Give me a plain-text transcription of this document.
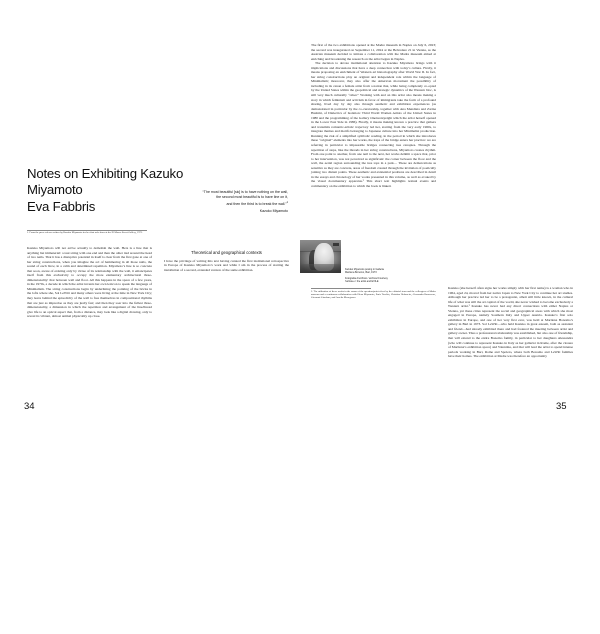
Notes on Exhibiting Kazuko Miyamoto
Eva Fabbris
“The most beautiful [sic] is to have nothing on the wall,
the second most beautiful is to have line on it,
and then the third is to break the wall.”$^1$
Kazuko Miyamoto
1. From the press release written by Kazuko Miyamoto for her first solo show at the El Museo Street Gallery, 1973.

Kazuko Miyamoto will not arrive actually to demolish the wall. Hers is a line that is anything but immaterial: a taut string with one end and then the other tied around the head of two nails. That it has a disruptive potential in itself is clear from the first gaze at one of her string constructions, when you imagine the act of hammering in all those nails, the sound of each blow, in a calm and determined repetition. Miyamoto’s line is so concrete that soon, aware of existing only by virtue of its relationship with the wall, it emancipates itself from this exclusivity to occupy the more elementary architectural three-dimensionality: that between wall and floor. All this happens in the space of a few years, in the 1970s, a decade in which the artist invents her own lexicon to speak the language of Minimalism. The string constructions begin by underlining the pointing of the bricks in the lofts where she, Sol LeWitt and many others were living at the time in New York City; they leave behind the episodicity of the wall to free themselves in compositional rhythms that are just as imprecise as they are justly fast; and then they soar into the fullest three-dimensionality, a dimension in which the repetition and arrangement of the line/thread give life to an optical aspect that, from a distance, may look like a digital drawing, only to reveal its vibrant, almost animal physicality up close.

Theoretical and geographical contexts

I have the privilege of writing this text having curated the first institutional retrospective in Europe of Kazuko Miyamoto’s work and while I am in the process of starting the installation of a second, extended version of the same exhibition.

34

The first of the two exhibitions opened at the Madre museum in Naples on July 6, 2023; the second was inaugurated on September 11, 2024 at the Belvedere 21 in Vienna, as the Austrian museum decided to initiate a collaboration with the Madre museum aimed at enriching and broadening the research on the artist begun in Naples.

The decision to devote institutional attention to Kazuko Miyamoto brings with it implications and discussions that have a deep connection with today’s culture. Firstly, it means proposing an enrichment of Western art historiography after World War II. In fact, her string constructions play an original and independent role within the language of Minimalism; moreover, they also offer the American movement the possibility of including in its canon a female artist from a nation that, while being completely co-opted by the United States within the geopolitical and strategic dynamics of the Western bloc, is still very much culturally “other.” Working with and on this artist also means making a story in which feminism and activism in favor of immigrants take the form of a profound sharing, lived day by day also through aesthetic and exhibition experiences (as demonstrated in particular by the co-curatorship, together with Ana Mendieta and Zarina Hashmi, of Dialectics of Isolation: Third World Women Artists of the United States in 1980 and the programming of the Gallery Onetwentyeight which the artist herself opened in the Lower East Side in 1986). Finally, it means making known a practice that gathers and transmits romantic-artistic trajectory led her, starting from the very early 1960s, to integrate themes and motifs belonging to Japanese culture into her Minimalist production. Running the risk of a simplified symbolic reading, in the period in which she introduces these “original” elements into her works, the traps of the bridge enters her practice: we are referring in particular to impassable bridges connecting tree canopies. Through the repetition of steps, like the threads in her string constructions, Miyamoto creates rhythm. From one point to another, from one nail to the next, her works delimit a space that, prior to her intervention, was not perceived as significant: the corner between the floor and the wall, the aerial region surrounding the tree tops in a park… These are demarcations as sensitive as they are concrete, areas of freedom created through the invitation of poetically joining two distant points. These aesthetic and existential positions are described in detail in the essays and chronology of her works presented in this volume, as well as evoked by the visual documentary apparatus.² This short text highlights textual events and commentary on the exhibition to which the book is linked.

2. The utilization of these works in the canon of the question/point effect by the editorial team and the colleagues of Madre museum and a continuous collaboration with Elena Miyamoto, Emic Tacchia, Christian Holzmeier, Alessandra Buonocore, Giovanni Giordano, and Aurelia Menegazzo.
Kazuko Miyamoto posing in Galleria Marilena Bonomo, Bari, 1973
Fotografia d’archivio / archival Courtesy l’artista e / the artist and EXILE

Kazuko (she herself often signs her works simply with her first name) is a woman who in 1964, aged 24, moved from her native Japan to New York City to continue her art studies. Although her practice led her to be a protagonist, albeit still little known, in the cultural life of what was still the art capital of the world, she never wished to become exclusively a Western artist.² Kazuko has never had any direct connections with either Naples or Vienna, yet these cities represent the social and geographical areas with which she most engaged in Europe, namely Southern Italy and Upper Austria. Kazuko’s first solo exhibition in Europe, and one of her very first ever, was held at Marilena Bonomo’s gallery in Bari in 1973. Sol LeWitt—who held Kazuko in great esteem, both as assistant and friend—had already exhibited there and had fostered the meeting between artist and gallery owner. Thus a professional relationship was established, but also one of friendship, that will extend to the entire Bonomo family, in particular to her daughters Alessandra (who will continue to represent Kazuko in Italy as her gallerist in Rome, after the closure of Marilena’s exhibition space) and Valentina, and that will lead the artist to spend intense periods working in Bari, Rome and Spoleto, where both Bonomo and LeWitt families have their homes. The exhibition at Madre was therefore an opportunity

35
